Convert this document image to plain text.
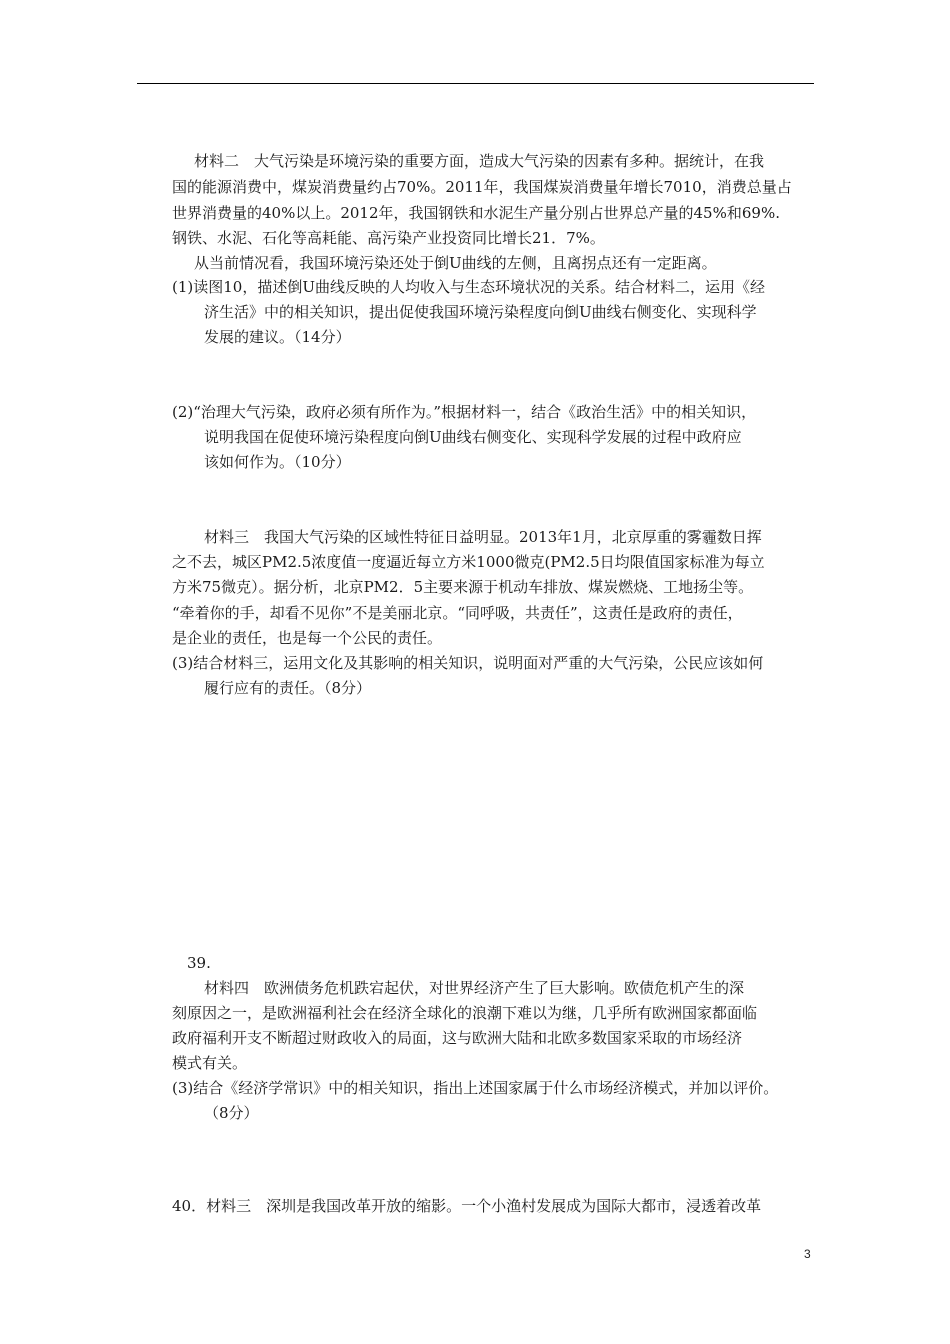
材料二　大气污染是环境污染的重要方面，造成大气污染的因素有多种。据统计，在我
国的能源消费中，煤炭消费量约占70%。2011年，我国煤炭消费量年增长7010，消费总量占
世界消费量的40%以上。2012年，我国钢铁和水泥生产量分别占世界总产量的45%和69%.
钢铁、水泥、石化等高耗能、高污染产业投资同比增长21．7%。
从当前情况看，我国环境污染还处于倒U曲线的左侧，且离拐点还有一定距离。
(1)读图10，描述倒U曲线反映的人均收入与生态环境状况的关系。结合材料二，运用《经
济生活》中的相关知识，提出促使我国环境污染程度向倒U曲线右侧变化、实现科学
发展的建议。（14分）
(2)“治理大气污染，政府必须有所作为。”根据材料一，结合《政治生活》中的相关知识，
说明我国在促使环境污染程度向倒U曲线右侧变化、实现科学发展的过程中政府应
该如何作为。（10分）
材料三　我国大气污染的区域性特征日益明显。2013年1月，北京厚重的雾霾数日挥
之不去，城区PM2.5浓度值一度逼近每立方米1000微克(PM2.5日均限值国家标准为每立
方米75微克）。据分析，北京PM2．5主要来源于机动车排放、煤炭燃烧、工地扬尘等。
“牵着你的手，却看不见你”不是美丽北京。“同呼吸，共责任”，这责任是政府的责任，
是企业的责任，也是每一个公民的责任。
(3)结合材料三，运用文化及其影响的相关知识，说明面对严重的大气污染，公民应该如何
履行应有的责任。（8分）
39.
材料四　欧洲债务危机跌宕起伏，对世界经济产生了巨大影响。欧债危机产生的深
刻原因之一，是欧洲福利社会在经济全球化的浪潮下难以为继，几乎所有欧洲国家都面临
政府福利开支不断超过财政收入的局面，这与欧洲大陆和北欧多数国家采取的市场经济
模式有关。
(3)结合《经济学常识》中的相关知识，指出上述国家属于什么市场经济模式，并加以评价。
（8分）
40．材料三　深圳是我国改革开放的缩影。一个小渔村发展成为国际大都市，浸透着改革
3
